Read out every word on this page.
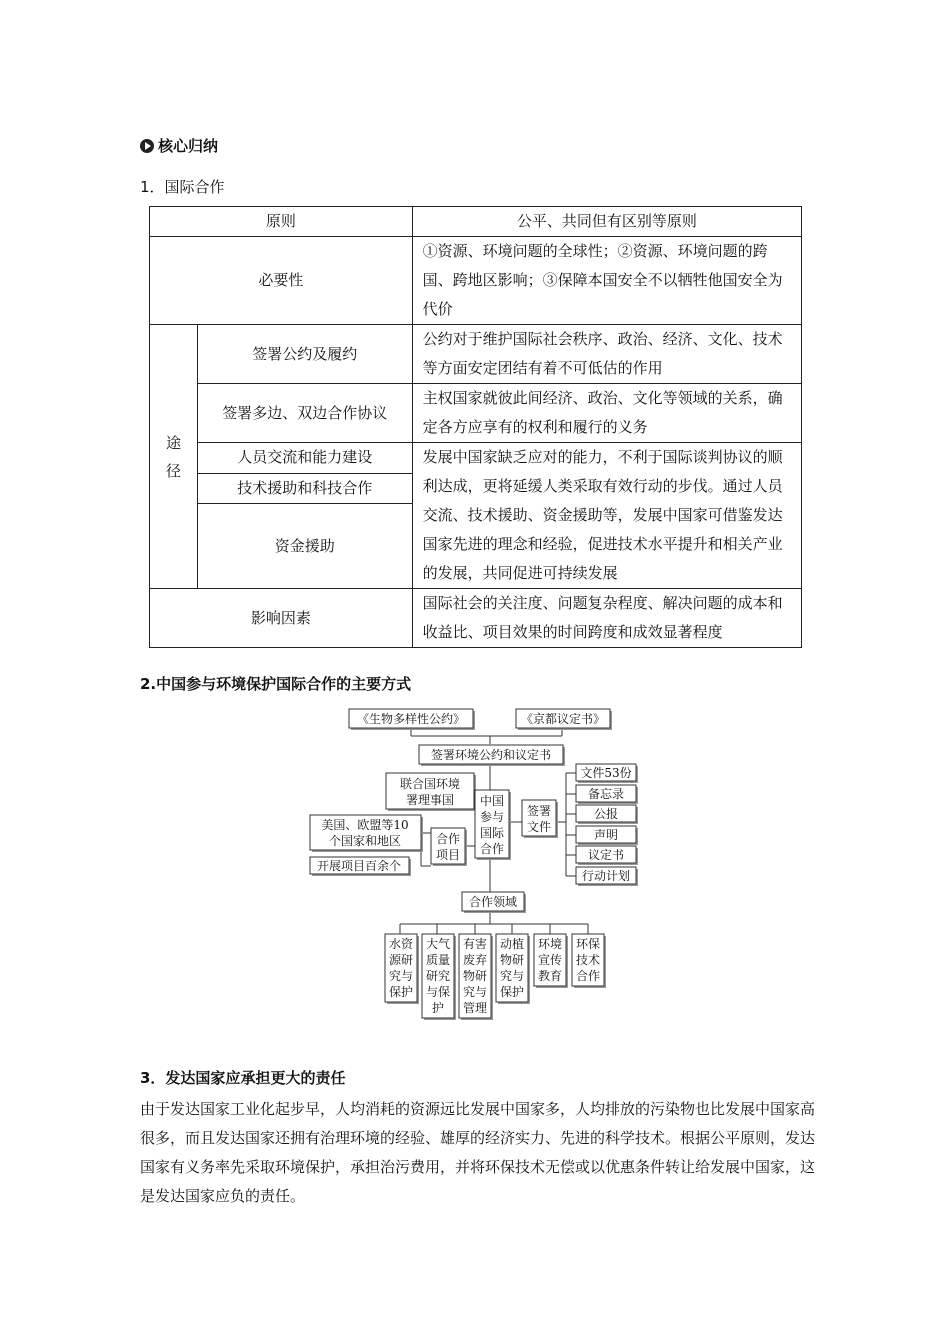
核心归纳
1．国际合作
原则		公平、共同但有区别等原则
必要性		①资源、环境问题的全球性；②资源、环境问题的跨国、跨地区影响；③保障本国安全不以牺牲他国安全为代价
途径	签署公约及履约	公约对于维护国际社会秩序、政治、经济、文化、技术等方面安定团结有着不可低估的作用
	签署多边、双边合作协议	主权国家就彼此间经济、政治、文化等领域的关系，确定各方应享有的权利和履行的义务
	人员交流和能力建设	发展中国家缺乏应对的能力，不利于国际谈判协议的顺利达成，更将延缓人类采取有效行动的步伐。通过人员交流、技术援助、资金援助等，发展中国家可借鉴发达国家先进的理念和经验，促进技术水平提升和相关产业的发展，共同促进可持续发展
	技术援助和科技合作	
	资金援助	
影响因素		国际社会的关注度、问题复杂程度、解决问题的成本和收益比、项目效果的时间跨度和成效显著程度
2.中国参与环境保护国际合作的主要方式
《生物多样性公约》	《京都议定书》
签署环境公约和议定书
联合国环境
署理事国 中国
参与
国际
合作
签署
文件
文件53份
备忘录
公报
声明
议定书
行动计划
合作
项目
美国、欧盟等10
个国家和地区
开展项目百余个
合作领域
水资
源研
究与
保护
大气
质量
研究
与保
护
有害
废弃
物研
究与
管理
动植
物研
究与
保护
环境
宣传
教育
环保
技术
合作
3．发达国家应承担更大的责任
由于发达国家工业化起步早，人均消耗的资源远比发展中国家多，人均排放的污染物也比发展中国家高很多，而且发达国家还拥有治理环境的经验、雄厚的经济实力、先进的科学技术。根据公平原则，发达国家有义务率先采取环境保护，承担治污费用，并将环保技术无偿或以优惠条件转让给发展中国家，这是发达国家应负的责任。
